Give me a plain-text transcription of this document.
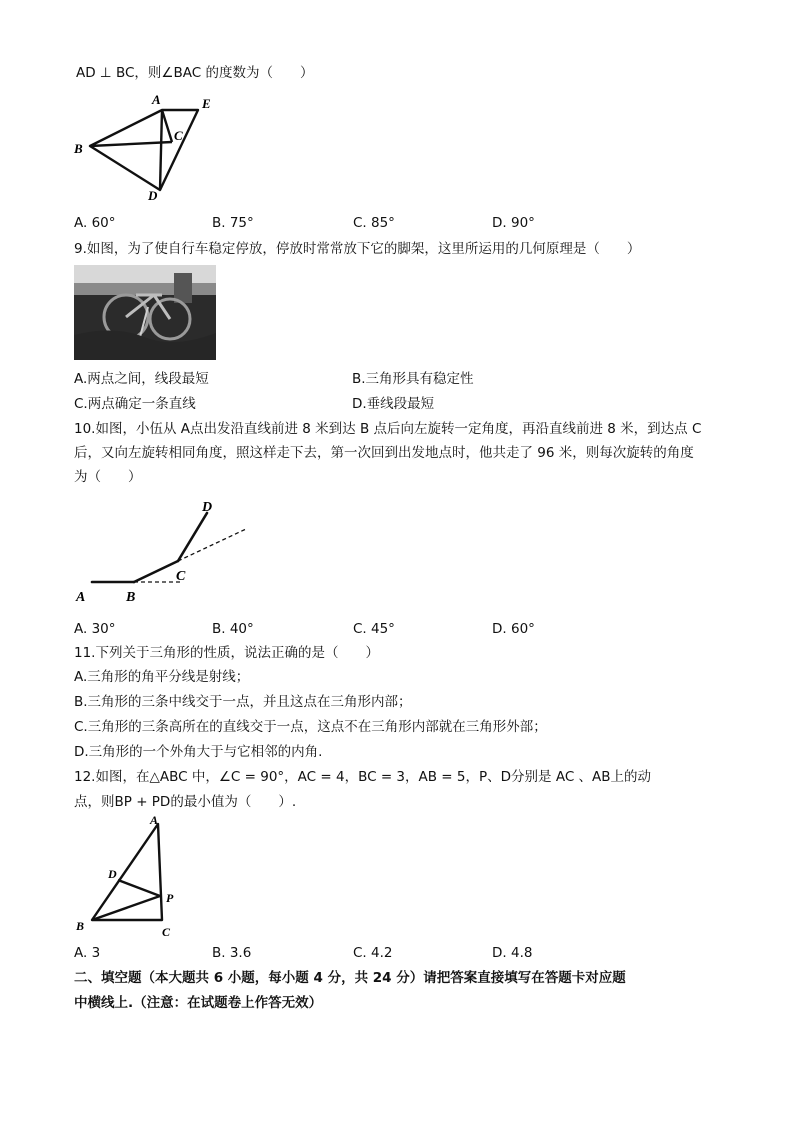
AD ⊥ BC，则∠BAC 的度数为（　　）
A	E
C
B
D
A. 60°	B. 75°	C. 85°	D. 90°
9.如图，为了使自行车稳定停放，停放时常常放下它的脚架，这里所运用的几何原理是（　　）
A.两点之间，线段最短	B.三角形具有稳定性
C.两点确定一条直线	D.垂线段最短
10.如图，小伍从 A点出发沿直线前进 8 米到达 B 点后向左旋转一定角度，再沿直线前进 8 米，到达点 C
后，又向左旋转相同角度，照这样走下去，第一次回到出发地点时，他共走了 96 米，则每次旋转的角度
为（　　）
A	B
C
D
A. 30°	B. 40°	C. 45°	D. 60°
11.下列关于三角形的性质，说法正确的是（　　）
A.三角形的角平分线是射线；
B.三角形的三条中线交于一点，并且这点在三角形内部；
C.三角形的三条高所在的直线交于一点，这点不在三角形内部就在三角形外部；
D.三角形的一个外角大于与它相邻的内角.
12.如图，在△ABC 中，∠C = 90°，AC = 4，BC = 3，AB = 5，P、D分别是 AC 、AB上的动
点，则BP + PD的最小值为（　　）.
A
D
P
B	C
A. 3	B. 3.6	C. 4.2	D. 4.8
二、填空题（本大题共 6 小题，每小题 4 分，共 24 分）请把答案直接填写在答题卡对应题
中横线上.（注意：在试题卷上作答无效）
